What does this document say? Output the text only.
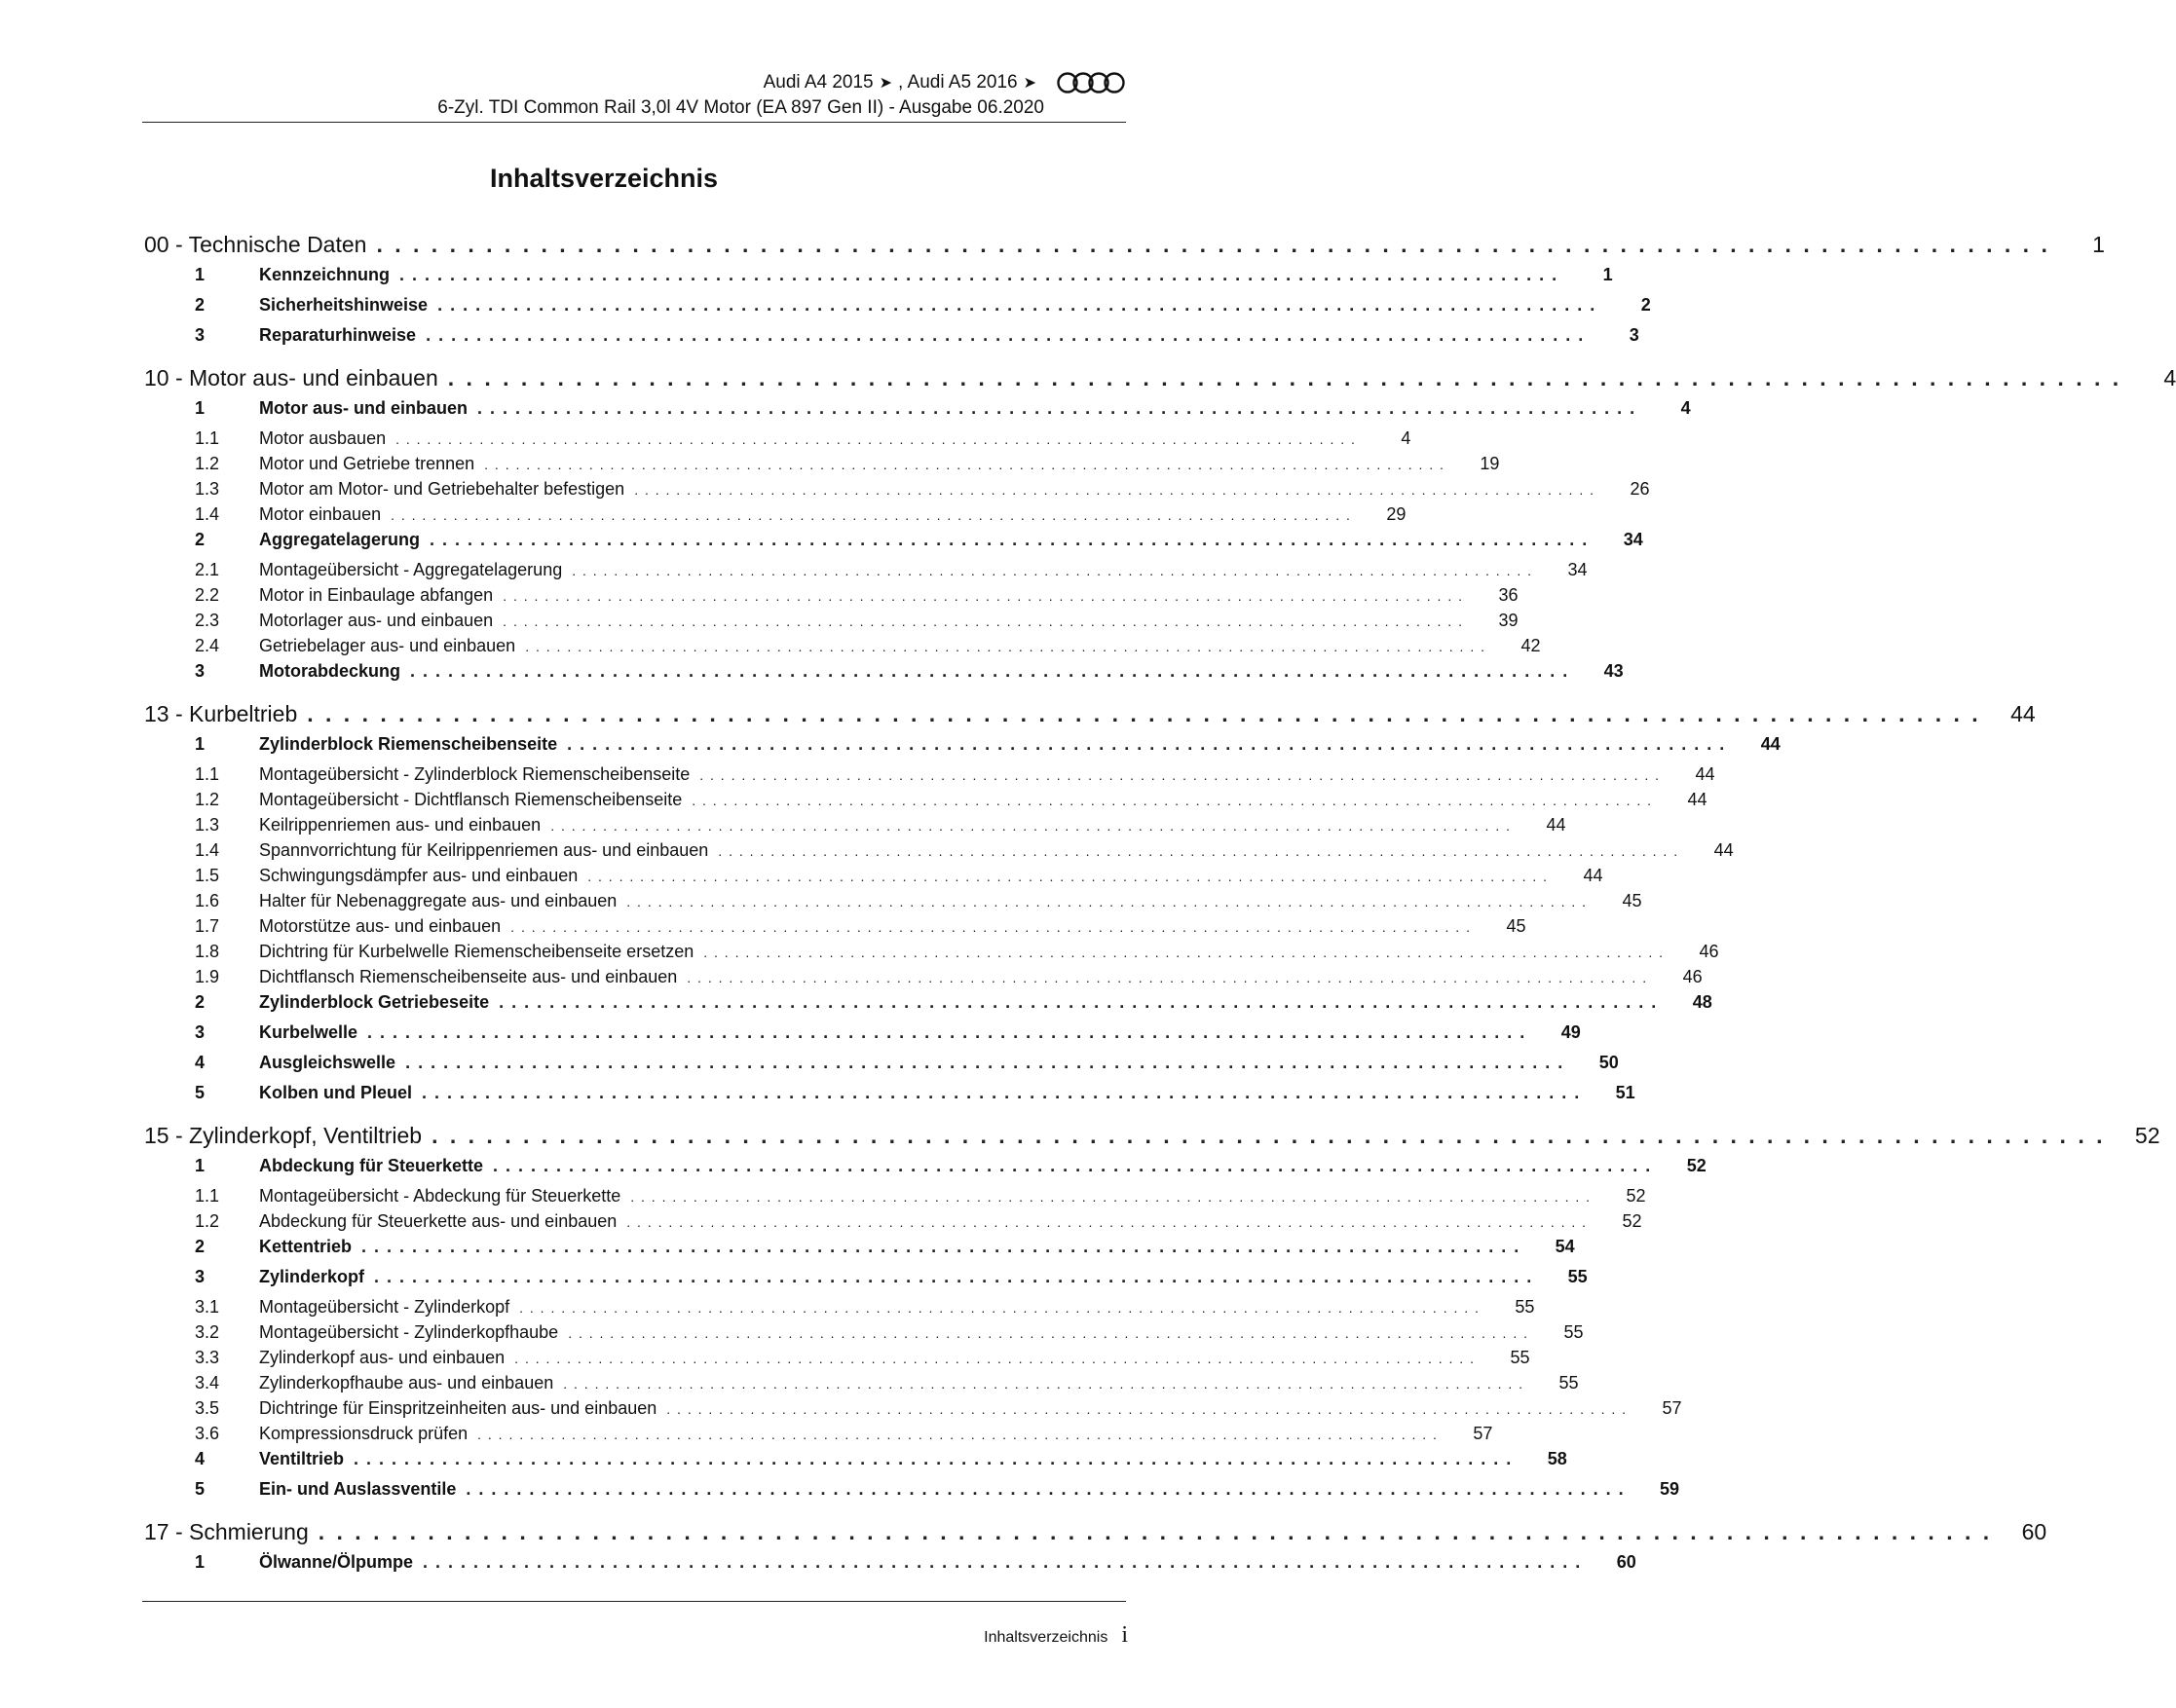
Audi A4 2015 ➤ , Audi A5 2016 ➤
6-Zyl. TDI Common Rail 3,0l 4V Motor (EA 897 Gen II) - Ausgabe 06.2020
Inhaltsverzeichnis
00 - Technische Daten . . . . . . . . . . . . . . . . . . . . . . . . . . . . . . . . . . . . . . . . . . . . . . . . . . . . . . . . . . . . . . . . . . . . . . . . . . . . . . . . . . . . . . . . . . . .	1
1	Kennzeichnung . . . . . . . . . . . . . . . . . . . . . . . . . . . . . . . . . . . . . . . . . . . . . . . . . . . . . . . . . . . . . . . . . . . . . . . . . . . . . . . . . . . . . . . . . . . .	1
2	Sicherheitshinweise . . . . . . . . . . . . . . . . . . . . . . . . . . . . . . . . . . . . . . . . . . . . . . . . . . . . . . . . . . . . . . . . . . . . . . . . . . . . . . . . . . . . . . . . . . . .	2
3	Reparaturhinweise . . . . . . . . . . . . . . . . . . . . . . . . . . . . . . . . . . . . . . . . . . . . . . . . . . . . . . . . . . . . . . . . . . . . . . . . . . . . . . . . . . . . . . . . . . . .	3
10 - Motor aus- und einbauen . . . . . . . . . . . . . . . . . . . . . . . . . . . . . . . . . . . . . . . . . . . . . . . . . . . . . . . . . . . . . . . . . . . . . . . . . . . . . . . . . . . . . . . . . . . .	4
1	Motor aus- und einbauen . . . . . . . . . . . . . . . . . . . . . . . . . . . . . . . . . . . . . . . . . . . . . . . . . . . . . . . . . . . . . . . . . . . . . . . . . . . . . . . . . . . . . . . . . . . .	4
1.1	Motor ausbauen . . . . . . . . . . . . . . . . . . . . . . . . . . . . . . . . . . . . . . . . . . . . . . . . . . . . . . . . . . . . . . . . . . . . . . . . . . . . . . . . . . . . . . . . . . . .	4
1.2	Motor und Getriebe trennen . . . . . . . . . . . . . . . . . . . . . . . . . . . . . . . . . . . . . . . . . . . . . . . . . . . . . . . . . . . . . . . . . . . . . . . . . . . . . . . . . . . . . . . . . . . .	19
1.3	Motor am Motor- und Getriebehalter befestigen . . . . . . . . . . . . . . . . . . . . . . . . . . . . . . . . . . . . . . . . . . . . . . . . . . . . . . . . . . . . . . . . . . . . . . . . . . . . . . . . . . . . . . . . . . . .	26
1.4	Motor einbauen . . . . . . . . . . . . . . . . . . . . . . . . . . . . . . . . . . . . . . . . . . . . . . . . . . . . . . . . . . . . . . . . . . . . . . . . . . . . . . . . . . . . . . . . . . . .	29
2	Aggregatelagerung . . . . . . . . . . . . . . . . . . . . . . . . . . . . . . . . . . . . . . . . . . . . . . . . . . . . . . . . . . . . . . . . . . . . . . . . . . . . . . . . . . . . . . . . . . . .	34
2.1	Montageübersicht - Aggregatelagerung . . . . . . . . . . . . . . . . . . . . . . . . . . . . . . . . . . . . . . . . . . . . . . . . . . . . . . . . . . . . . . . . . . . . . . . . . . . . . . . . . . . . . . . . . . . .	34
2.2	Motor in Einbaulage abfangen . . . . . . . . . . . . . . . . . . . . . . . . . . . . . . . . . . . . . . . . . . . . . . . . . . . . . . . . . . . . . . . . . . . . . . . . . . . . . . . . . . . . . . . . . . . .	36
2.3	Motorlager aus- und einbauen . . . . . . . . . . . . . . . . . . . . . . . . . . . . . . . . . . . . . . . . . . . . . . . . . . . . . . . . . . . . . . . . . . . . . . . . . . . . . . . . . . . . . . . . . . . .	39
2.4	Getriebelager aus- und einbauen . . . . . . . . . . . . . . . . . . . . . . . . . . . . . . . . . . . . . . . . . . . . . . . . . . . . . . . . . . . . . . . . . . . . . . . . . . . . . . . . . . . . . . . . . . . .	42
3	Motorabdeckung . . . . . . . . . . . . . . . . . . . . . . . . . . . . . . . . . . . . . . . . . . . . . . . . . . . . . . . . . . . . . . . . . . . . . . . . . . . . . . . . . . . . . . . . . . . .	43
13 - Kurbeltrieb . . . . . . . . . . . . . . . . . . . . . . . . . . . . . . . . . . . . . . . . . . . . . . . . . . . . . . . . . . . . . . . . . . . . . . . . . . . . . . . . . . . . . . . . . . . .	44
1	Zylinderblock Riemenscheibenseite . . . . . . . . . . . . . . . . . . . . . . . . . . . . . . . . . . . . . . . . . . . . . . . . . . . . . . . . . . . . . . . . . . . . . . . . . . . . . . . . . . . . . . . . . . . .	44
1.1	Montageübersicht - Zylinderblock Riemenscheibenseite . . . . . . . . . . . . . . . . . . . . . . . . . . . . . . . . . . . . . . . . . . . . . . . . . . . . . . . . . . . . . . . . . . . . . . . . . . . . . . . . . . . . . . . . . . . .	44
1.2	Montageübersicht - Dichtflansch Riemenscheibenseite . . . . . . . . . . . . . . . . . . . . . . . . . . . . . . . . . . . . . . . . . . . . . . . . . . . . . . . . . . . . . . . . . . . . . . . . . . . . . . . . . . . . . . . . . . . .	44
1.3	Keilrippenriemen aus- und einbauen . . . . . . . . . . . . . . . . . . . . . . . . . . . . . . . . . . . . . . . . . . . . . . . . . . . . . . . . . . . . . . . . . . . . . . . . . . . . . . . . . . . . . . . . . . . .	44
1.4	Spannvorrichtung für Keilrippenriemen aus- und einbauen . . . . . . . . . . . . . . . . . . . . . . . . . . . . . . . . . . . . . . . . . . . . . . . . . . . . . . . . . . . . . . . . . . . . . . . . . . . . . . . . . . . . . . . . . . . .	44
1.5	Schwingungsdämpfer aus- und einbauen . . . . . . . . . . . . . . . . . . . . . . . . . . . . . . . . . . . . . . . . . . . . . . . . . . . . . . . . . . . . . . . . . . . . . . . . . . . . . . . . . . . . . . . . . . . .	44
1.6	Halter für Nebenaggregate aus- und einbauen . . . . . . . . . . . . . . . . . . . . . . . . . . . . . . . . . . . . . . . . . . . . . . . . . . . . . . . . . . . . . . . . . . . . . . . . . . . . . . . . . . . . . . . . . . . .	45
1.7	Motorstütze aus- und einbauen . . . . . . . . . . . . . . . . . . . . . . . . . . . . . . . . . . . . . . . . . . . . . . . . . . . . . . . . . . . . . . . . . . . . . . . . . . . . . . . . . . . . . . . . . . . .	45
1.8	Dichtring für Kurbelwelle Riemenscheibenseite ersetzen . . . . . . . . . . . . . . . . . . . . . . . . . . . . . . . . . . . . . . . . . . . . . . . . . . . . . . . . . . . . . . . . . . . . . . . . . . . . . . . . . . . . . . . . . . . .	46
1.9	Dichtflansch Riemenscheibenseite aus- und einbauen . . . . . . . . . . . . . . . . . . . . . . . . . . . . . . . . . . . . . . . . . . . . . . . . . . . . . . . . . . . . . . . . . . . . . . . . . . . . . . . . . . . . . . . . . . . .	46
2	Zylinderblock Getriebeseite . . . . . . . . . . . . . . . . . . . . . . . . . . . . . . . . . . . . . . . . . . . . . . . . . . . . . . . . . . . . . . . . . . . . . . . . . . . . . . . . . . . . . . . . . . . .	48
3	Kurbelwelle . . . . . . . . . . . . . . . . . . . . . . . . . . . . . . . . . . . . . . . . . . . . . . . . . . . . . . . . . . . . . . . . . . . . . . . . . . . . . . . . . . . . . . . . . . . .	49
4	Ausgleichswelle . . . . . . . . . . . . . . . . . . . . . . . . . . . . . . . . . . . . . . . . . . . . . . . . . . . . . . . . . . . . . . . . . . . . . . . . . . . . . . . . . . . . . . . . . . . .	50
5	Kolben und Pleuel . . . . . . . . . . . . . . . . . . . . . . . . . . . . . . . . . . . . . . . . . . . . . . . . . . . . . . . . . . . . . . . . . . . . . . . . . . . . . . . . . . . . . . . . . . . .	51
15 - Zylinderkopf, Ventiltrieb . . . . . . . . . . . . . . . . . . . . . . . . . . . . . . . . . . . . . . . . . . . . . . . . . . . . . . . . . . . . . . . . . . . . . . . . . . . . . . . . . . . . . . . . . . . .	52
1	Abdeckung für Steuerkette . . . . . . . . . . . . . . . . . . . . . . . . . . . . . . . . . . . . . . . . . . . . . . . . . . . . . . . . . . . . . . . . . . . . . . . . . . . . . . . . . . . . . . . . . . . .	52
1.1	Montageübersicht - Abdeckung für Steuerkette . . . . . . . . . . . . . . . . . . . . . . . . . . . . . . . . . . . . . . . . . . . . . . . . . . . . . . . . . . . . . . . . . . . . . . . . . . . . . . . . . . . . . . . . . . . .	52
1.2	Abdeckung für Steuerkette aus- und einbauen . . . . . . . . . . . . . . . . . . . . . . . . . . . . . . . . . . . . . . . . . . . . . . . . . . . . . . . . . . . . . . . . . . . . . . . . . . . . . . . . . . . . . . . . . . . .	52
2	Kettentrieb . . . . . . . . . . . . . . . . . . . . . . . . . . . . . . . . . . . . . . . . . . . . . . . . . . . . . . . . . . . . . . . . . . . . . . . . . . . . . . . . . . . . . . . . . . . .	54
3	Zylinderkopf . . . . . . . . . . . . . . . . . . . . . . . . . . . . . . . . . . . . . . . . . . . . . . . . . . . . . . . . . . . . . . . . . . . . . . . . . . . . . . . . . . . . . . . . . . . .	55
3.1	Montageübersicht - Zylinderkopf . . . . . . . . . . . . . . . . . . . . . . . . . . . . . . . . . . . . . . . . . . . . . . . . . . . . . . . . . . . . . . . . . . . . . . . . . . . . . . . . . . . . . . . . . . . .	55
3.2	Montageübersicht - Zylinderkopfhaube . . . . . . . . . . . . . . . . . . . . . . . . . . . . . . . . . . . . . . . . . . . . . . . . . . . . . . . . . . . . . . . . . . . . . . . . . . . . . . . . . . . . . . . . . . . .	55
3.3	Zylinderkopf aus- und einbauen . . . . . . . . . . . . . . . . . . . . . . . . . . . . . . . . . . . . . . . . . . . . . . . . . . . . . . . . . . . . . . . . . . . . . . . . . . . . . . . . . . . . . . . . . . . .	55
3.4	Zylinderkopfhaube aus- und einbauen . . . . . . . . . . . . . . . . . . . . . . . . . . . . . . . . . . . . . . . . . . . . . . . . . . . . . . . . . . . . . . . . . . . . . . . . . . . . . . . . . . . . . . . . . . . .	55
3.5	Dichtringe für Einspritzeinheiten aus- und einbauen . . . . . . . . . . . . . . . . . . . . . . . . . . . . . . . . . . . . . . . . . . . . . . . . . . . . . . . . . . . . . . . . . . . . . . . . . . . . . . . . . . . . . . . . . . . .	57
3.6	Kompressionsdruck prüfen . . . . . . . . . . . . . . . . . . . . . . . . . . . . . . . . . . . . . . . . . . . . . . . . . . . . . . . . . . . . . . . . . . . . . . . . . . . . . . . . . . . . . . . . . . . .	57
4	Ventiltrieb . . . . . . . . . . . . . . . . . . . . . . . . . . . . . . . . . . . . . . . . . . . . . . . . . . . . . . . . . . . . . . . . . . . . . . . . . . . . . . . . . . . . . . . . . . . .	58
5	Ein- und Auslassventile . . . . . . . . . . . . . . . . . . . . . . . . . . . . . . . . . . . . . . . . . . . . . . . . . . . . . . . . . . . . . . . . . . . . . . . . . . . . . . . . . . . . . . . . . . . .	59
17 - Schmierung . . . . . . . . . . . . . . . . . . . . . . . . . . . . . . . . . . . . . . . . . . . . . . . . . . . . . . . . . . . . . . . . . . . . . . . . . . . . . . . . . . . . . . . . . . . .	60
1	Ölwanne/Ölpumpe . . . . . . . . . . . . . . . . . . . . . . . . . . . . . . . . . . . . . . . . . . . . . . . . . . . . . . . . . . . . . . . . . . . . . . . . . . . . . . . . . . . . . . . . . . . .	60
Inhaltsverzeichnis i
